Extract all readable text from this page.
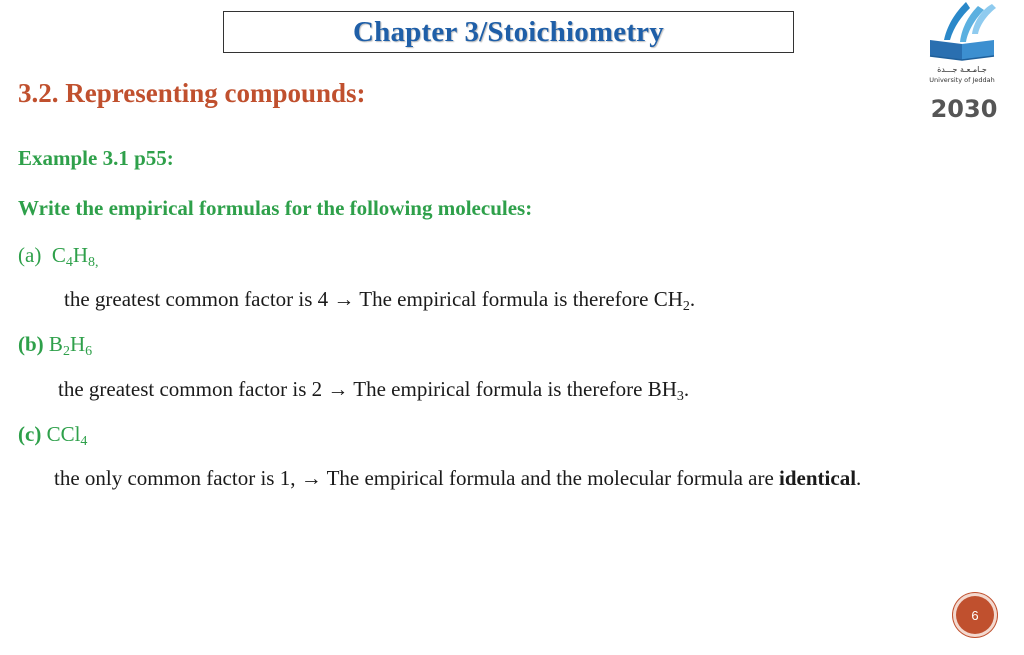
Chapter 3/Stoichiometry
جـامـعـة جـــدة
University of Jeddah
2030
3.2. Representing compounds:
Example 3.1 p55:
Write the empirical formulas for the following molecules:
(a) $C_4H_{8,}$
the greatest common factor is 4 → The empirical formula is therefore $CH_2$.
(b) $B_2H_6$
the greatest common factor is 2 → The empirical formula is therefore $BH_3$.
(c) CCl$_4$
the only common factor is 1, → The empirical formula and the molecular formula are identical.
6
